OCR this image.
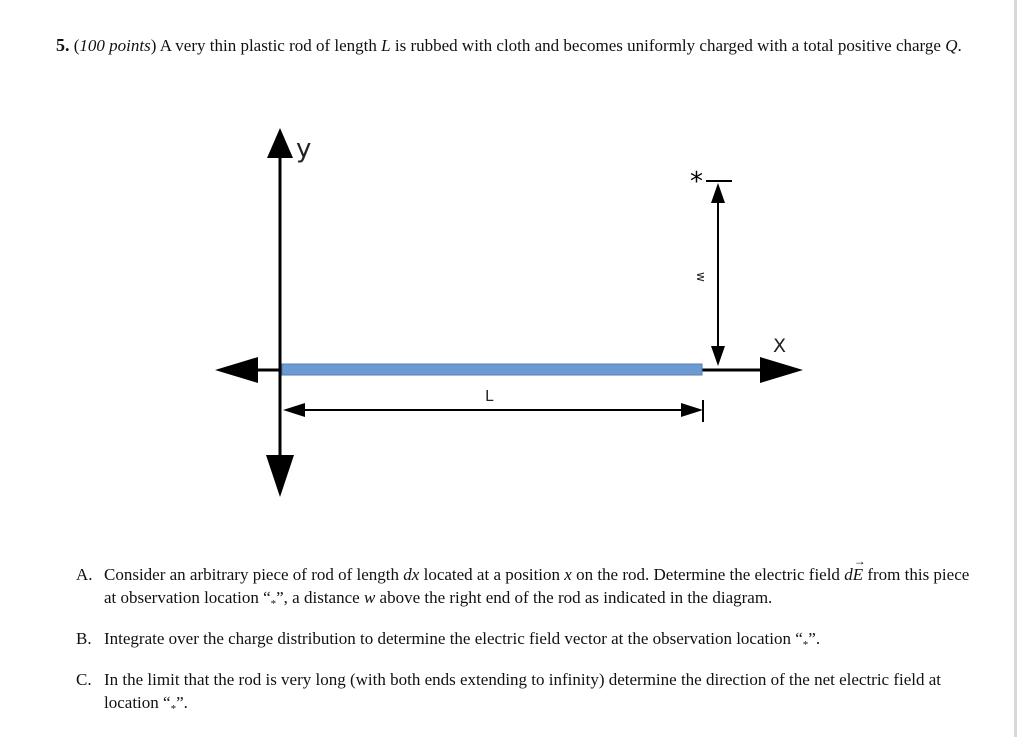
5. (100 points) A very thin plastic rod of length L is rubbed with cloth and becomes uniformly charged with a total positive charge Q.
y
X
L
w
*
A. Consider an arbitrary piece of rod of length dx located at a position x on the rod. Determine the electric field d→ E from this piece at observation location “$_*$”, a distance w above the right end of the rod as indicated in the diagram.
B. Integrate over the charge distribution to determine the electric field vector at the observation location “$_*$”.
C. In the limit that the rod is very long (with both ends extending to infinity) determine the direction of the net electric field at location “$_*$”.
